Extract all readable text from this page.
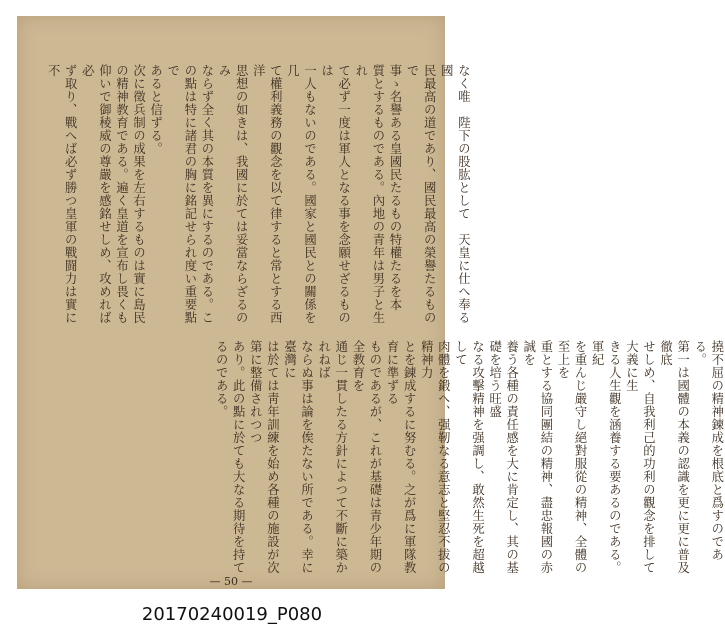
なく唯　陛下の股肱として　天皇に仕へ奉る國

民最高の道であり、國民最高の榮譽たるもので

事ゝ名譽ある皇國民たるもの特權たるを本

質とするものである。內地の青年は男子と生れ

て必ず一度は軍人となる事を念願せざるものは

一人もないのである。國家と國民との關係を几

て權利義務の觀念を以て律すると常とする西洋

思想の如きは、我國に於ては妥當ならざるのみ

ならず全く其の本質を異にするのである。こ

の點は特に諸君の胸に銘記せられ度い重要點で

あると信ずる。

次に徵兵制の成果を左右するものは實に島民

の精神教育である。遍く皇道を宣布し畏くも

仰いで御稜威の尊嚴を感銘せしめ、攻めれば必

ず取り、戰へば必ず勝つ皇軍の戰闘力は實に不

撓不屈の精神鍊成を根底と爲すのである。

第一は國體の本義の認識を更に更に普及徹底

せしめ、自我利己的功利の觀念を排して大義に生

きる人生觀を涵養する要あるのである。軍紀

を重んじ嚴守し絕對服從の精神、全體の至上を

重とする協同團結の精神、盡忠報國の赤誠を

養う各種の責任感を大に肯定し、其の基礎を培う旺盛

なる攻擊精神を强調し、敢然生死を超越して

肉體を鍛へ、强靭なる意志と堅忍不拔の精神力

とを錬成するに努むる。之が爲に軍隊教育に準ずる

ものであるが、これが基礎は青少年期の全教育を

通じ一貫したる方針によつて不斷に築かれねば

ならぬ事は論を俟たない所である。幸に臺灣に

は於ては靑年訓練を始め各種の施設が次第に整備されつつ

あり。此の點に於ても大なる期待を持てるのである。

— 50 —
20170240019_P080
